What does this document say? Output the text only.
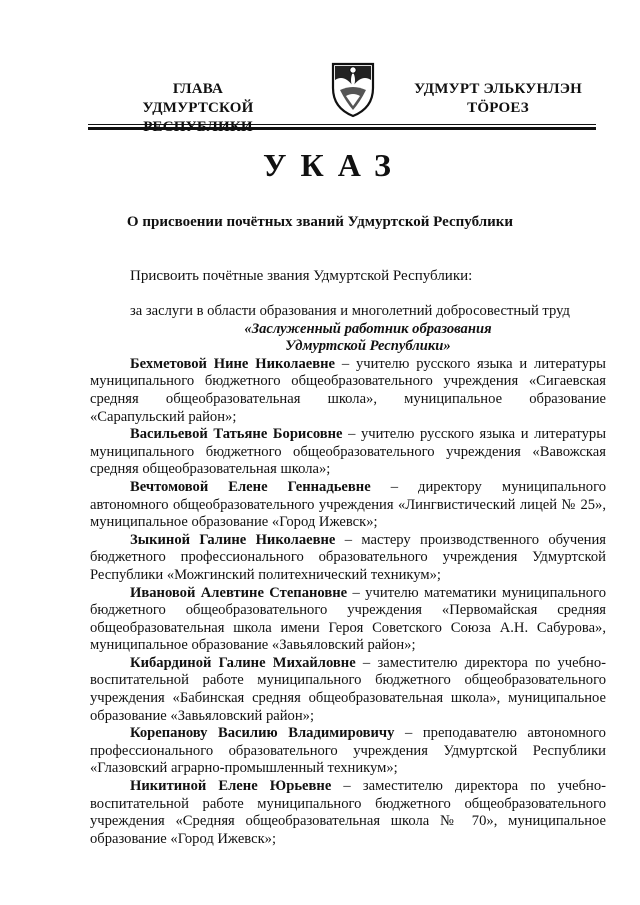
ГЛАВА
УДМУРТСКОЙ
УДМУРТ ЭЛЬКУНЛЭН
ТӦРОЕЗ
УКАЗ
О присвоении почётных званий Удмуртской Республики
Присвоить почётные звания Удмуртской Республики:

за заслуги в области образования и многолетний добросовестный труд

«Заслуженный работник образования

Удмуртской Республики»

Бехметовой Нине Николаевне – учителю русского языка и литературы муниципального бюджетного общеобразовательного учреждения «Сигаевская средняя общеобразовательная школа», муниципальное образование «Сарапульский район»;

Васильевой Татьяне Борисовне – учителю русского языка и литературы муниципального бюджетного общеобразовательного учреждения «Вавожская средняя общеобразовательная школа»;

Вечтомовой Елене Геннадьевне – директору муниципального автономного общеобразовательного учреждения «Лингвистический лицей № 25», муниципальное образование «Город Ижевск»;

Зыкиной Галине Николаевне – мастеру производственного обучения бюджетного профессионального образовательного учреждения Удмуртской Республики «Можгинский политехнический техникум»;

Ивановой Алевтине Степановне – учителю математики муниципального бюджетного общеобразовательного учреждения «Первомайская средняя общеобразовательная школа имени Героя Советского Союза А.Н. Сабурова», муниципальное образование «Завьяловский район»;

Кибардиной Галине Михайловне – заместителю директора по учебно-воспитательной работе муниципального бюджетного общеобразовательного учреждения «Бабинская средняя общеобразовательная школа», муниципальное образование «Завьяловский район»;

Корепанову Василию Владимировичу – преподавателю автономного профессионального образовательного учреждения Удмуртской Республики «Глазовский аграрно-промышленный техникум»;

Никитиной Елене Юрьевне – заместителю директора по учебно-воспитательной работе муниципального бюджетного общеобразовательного учреждения «Средняя общеобразовательная школа № 70», муниципальное образование «Город Ижевск»;
